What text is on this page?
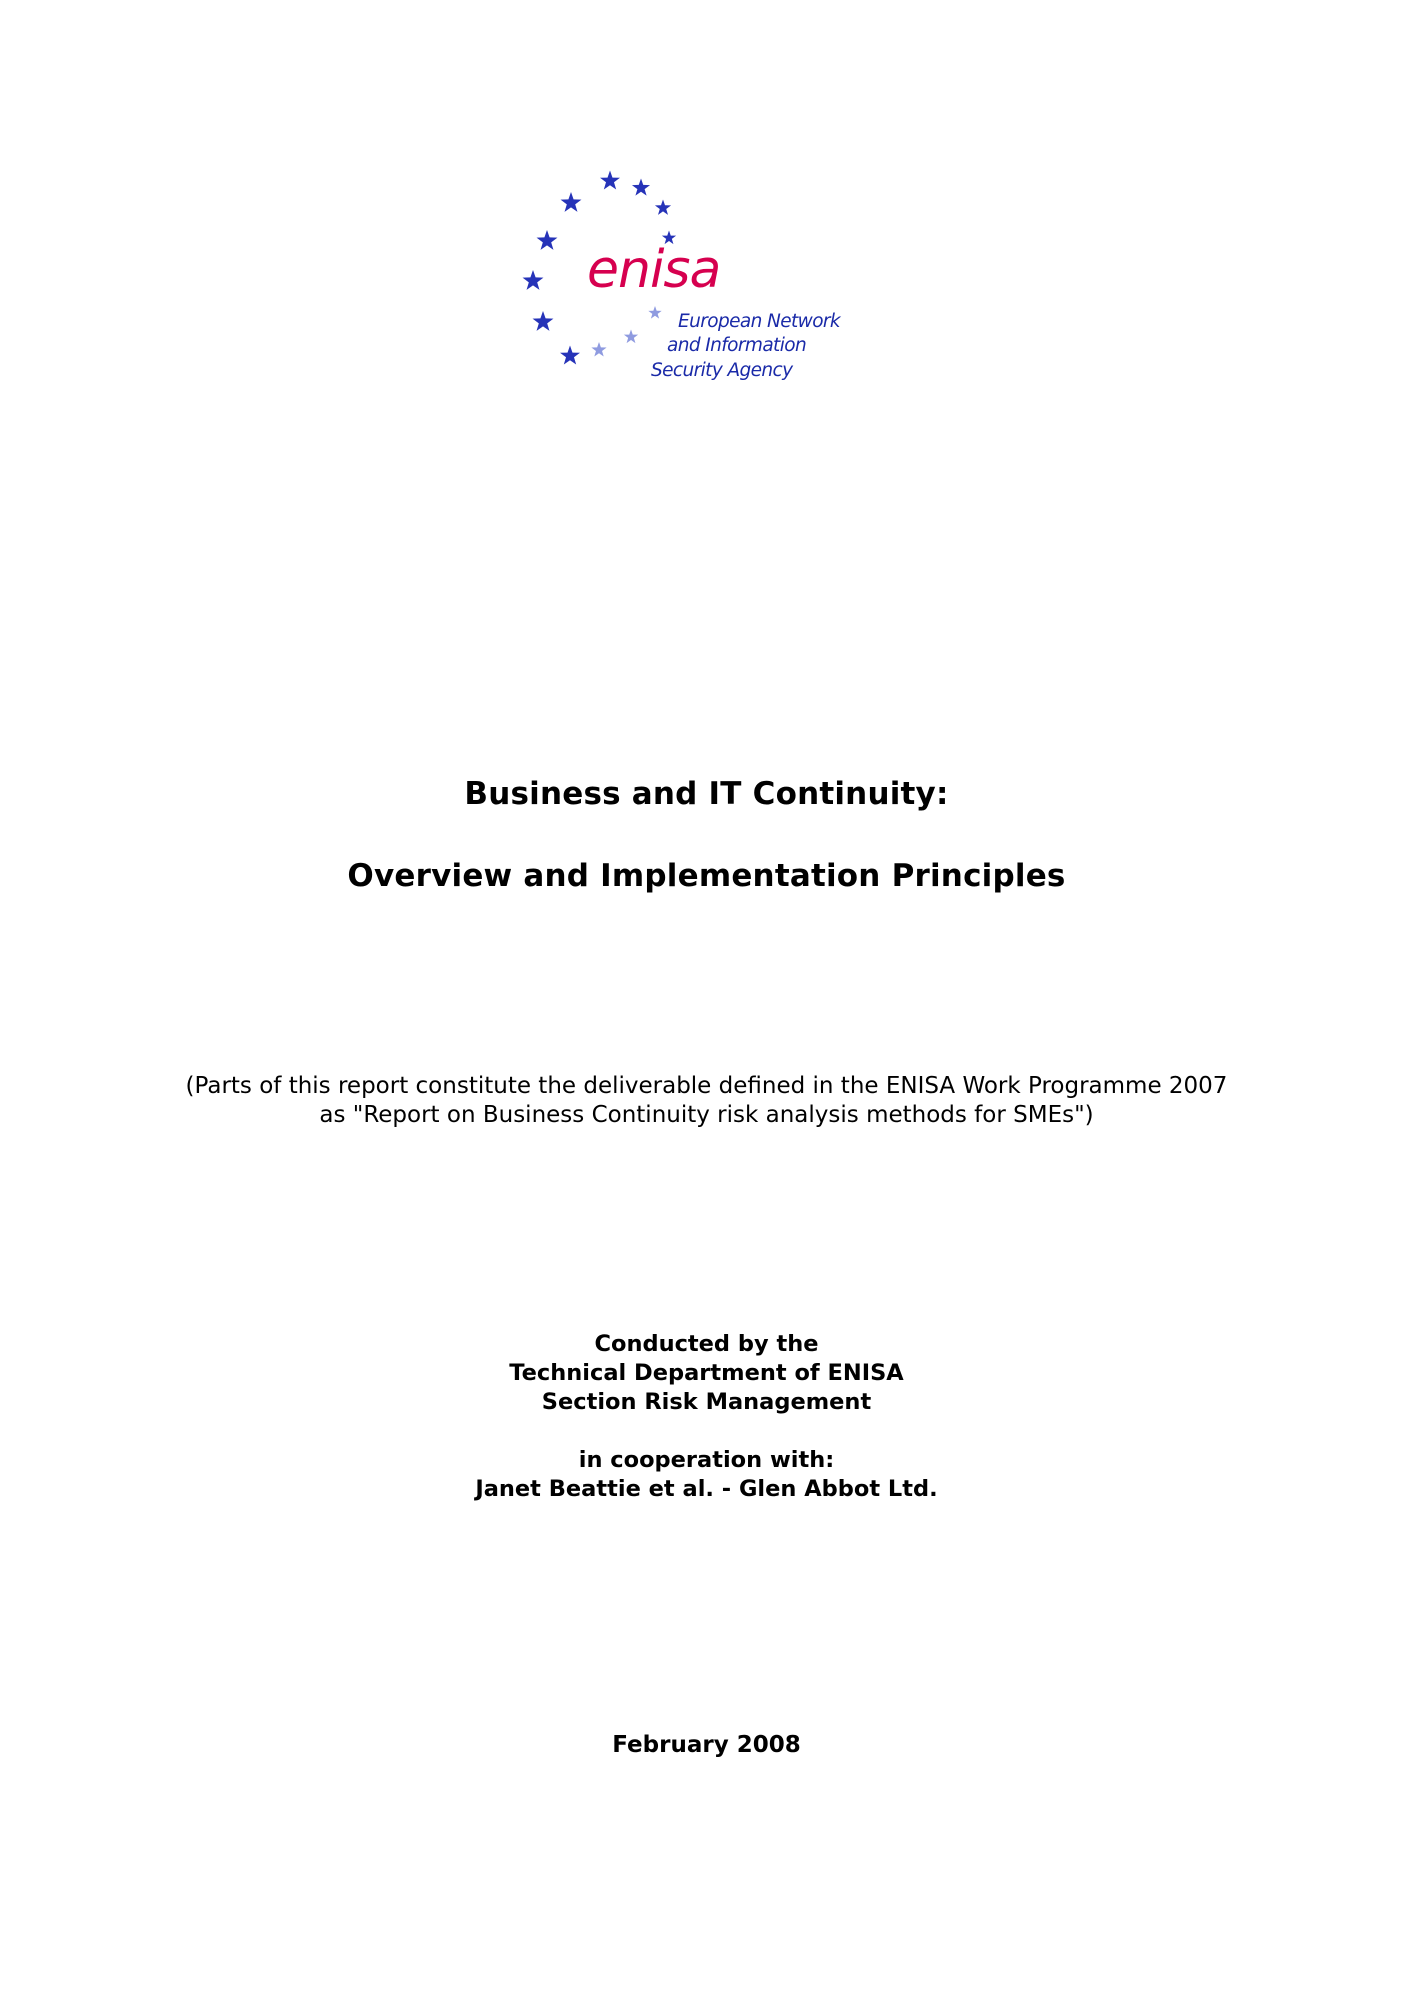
enisa
European Network
and Information
Security Agency
Business and IT Continuity:
Overview and Implementation Principles
(Parts of this report constitute the deliverable defined in the ENISA Work Programme 2007
as "Report on Business Continuity risk analysis methods for SMEs")
Conducted by the
Technical Department of ENISA
Section Risk Management
in cooperation with:
Janet Beattie et al. - Glen Abbot Ltd.
February 2008
